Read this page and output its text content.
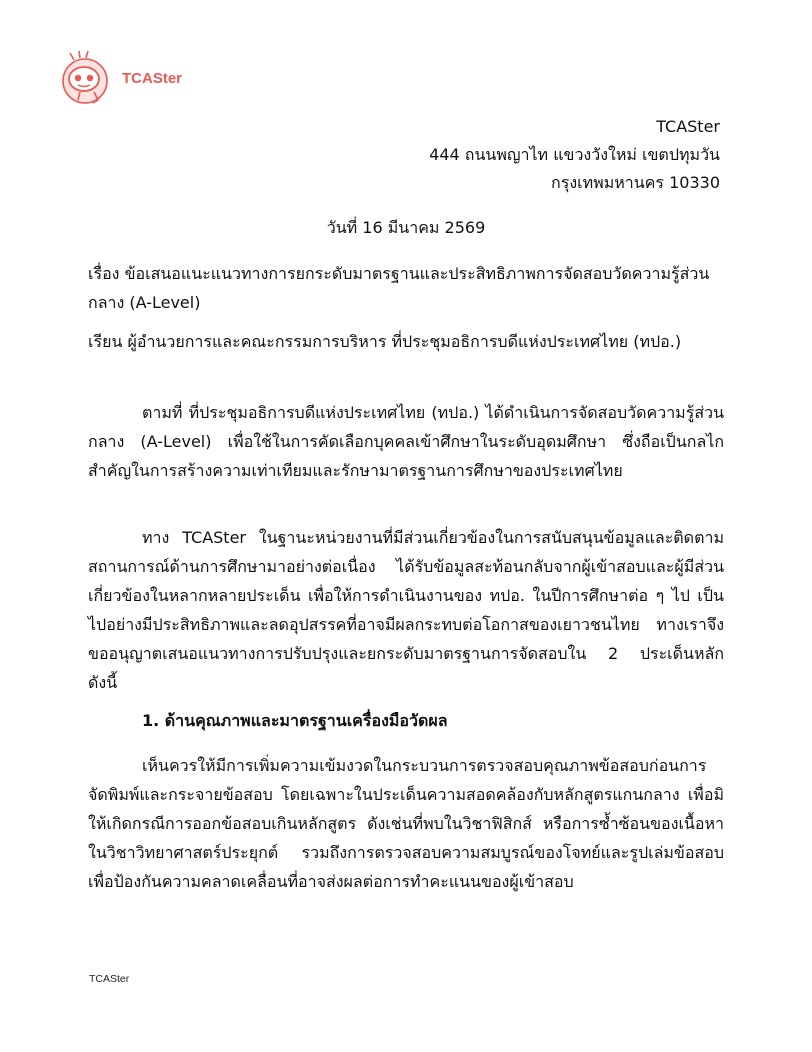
TCASter
TCASter
444 ถนนพญาไท แขวงวังใหม่ เขตปทุมวัน
กรุงเทพมหานคร 10330
วันที่ 16 มีนาคม 2569
เรื่อง ข้อเสนอแนะแนวทางการยกระดับมาตรฐานและประสิทธิภาพการจัดสอบวัดความรู้ส่วนกลาง (A-Level)
เรียน ผู้อำนวยการและคณะกรรมการบริหาร ที่ประชุมอธิการบดีแห่งประเทศไทย (ทปอ.)
ตามที่ ที่ประชุมอธิการบดีแห่งประเทศไทย (ทปอ.) ได้ดำเนินการจัดสอบวัดความรู้ส่วนกลาง (A-Level) เพื่อใช้ในการคัดเลือกบุคคลเข้าศึกษาในระดับอุดมศึกษา ซึ่งถือเป็นกลไกสำคัญในการสร้างความเท่าเทียมและรักษามาตรฐานการศึกษาของประเทศไทย
ทาง TCASter ในฐานะหน่วยงานที่มีส่วนเกี่ยวข้องในการสนับสนุนข้อมูลและติดตามสถานการณ์ด้านการศึกษามาอย่างต่อเนื่อง ได้รับข้อมูลสะท้อนกลับจากผู้เข้าสอบและผู้มีส่วนเกี่ยวข้องในหลากหลายประเด็น เพื่อให้การดำเนินงานของ ทปอ. ในปีการศึกษาต่อ ๆ ไป เป็นไปอย่างมีประสิทธิภาพและลดอุปสรรคที่อาจมีผลกระทบต่อโอกาสของเยาวชนไทย ทางเราจึงขออนุญาตเสนอแนวทางการปรับปรุงและยกระดับมาตรฐานการจัดสอบใน 2 ประเด็นหลัก ดังนี้
1. ด้านคุณภาพและมาตรฐานเครื่องมือวัดผล
เห็นควรให้มีการเพิ่มความเข้มงวดในกระบวนการตรวจสอบคุณภาพข้อสอบก่อนการจัดพิมพ์และกระจายข้อสอบ โดยเฉพาะในประเด็นความสอดคล้องกับหลักสูตรแกนกลาง เพื่อมิให้เกิดกรณีการออกข้อสอบเกินหลักสูตร ดังเช่นที่พบในวิชาฟิสิกส์ หรือการซ้ำซ้อนของเนื้อหาในวิชาวิทยาศาสตร์ประยุกต์ รวมถึงการตรวจสอบความสมบูรณ์ของโจทย์และรูปเล่มข้อสอบ เพื่อป้องกันความคลาดเคลื่อนที่อาจส่งผลต่อการทำคะแนนของผู้เข้าสอบ
TCASter
